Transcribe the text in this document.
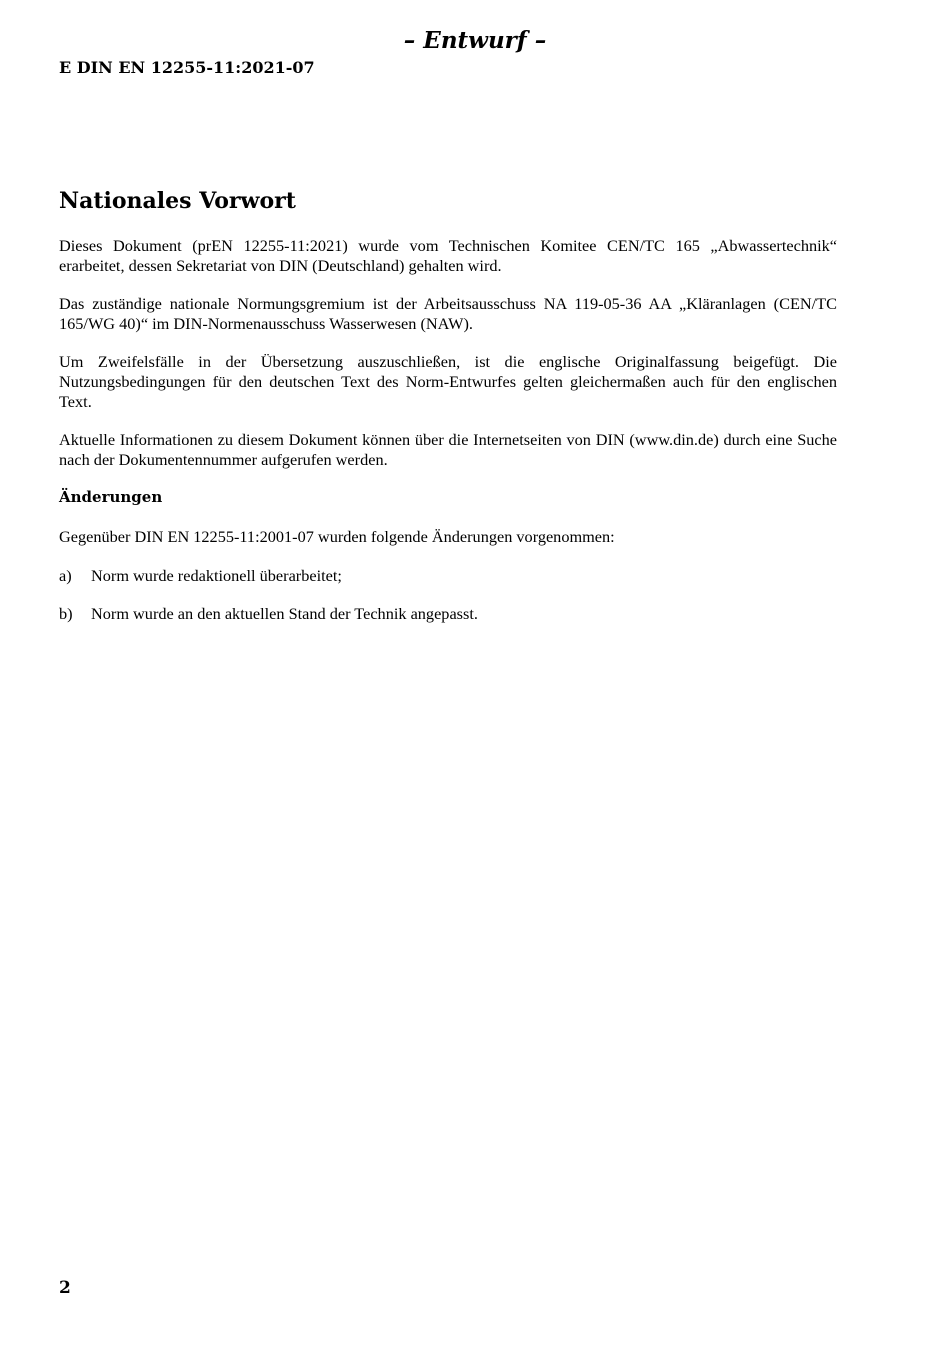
– Entwurf –
E DIN EN 12255-11:2021-07
Nationales Vorwort

Dieses Dokument (prEN 12255-11:2021) wurde vom Technischen Komitee CEN/TC 165 „Abwassertechnik“ erarbeitet, dessen Sekretariat von DIN (Deutschland) gehalten wird.

Das zuständige nationale Normungsgremium ist der Arbeitsausschuss NA 119-05-36 AA „Kläranlagen (CEN/TC 165/WG 40)“ im DIN-Normenausschuss Wasserwesen (NAW).

Um Zweifelsfälle in der Übersetzung auszuschließen, ist die englische Originalfassung beigefügt. Die Nutzungsbedingungen für den deutschen Text des Norm-Entwurfes gelten gleichermaßen auch für den englischen Text.

Aktuelle Informationen zu diesem Dokument können über die Internetseiten von DIN (www.din.de) durch eine Suche nach der Dokumentennummer aufgerufen werden.

Änderungen

Gegenüber DIN EN 12255-11:2001-07 wurden folgende Änderungen vorgenommen:

a)	Norm wurde redaktionell überarbeitet;
b)	Norm wurde an den aktuellen Stand der Technik angepasst.
2
